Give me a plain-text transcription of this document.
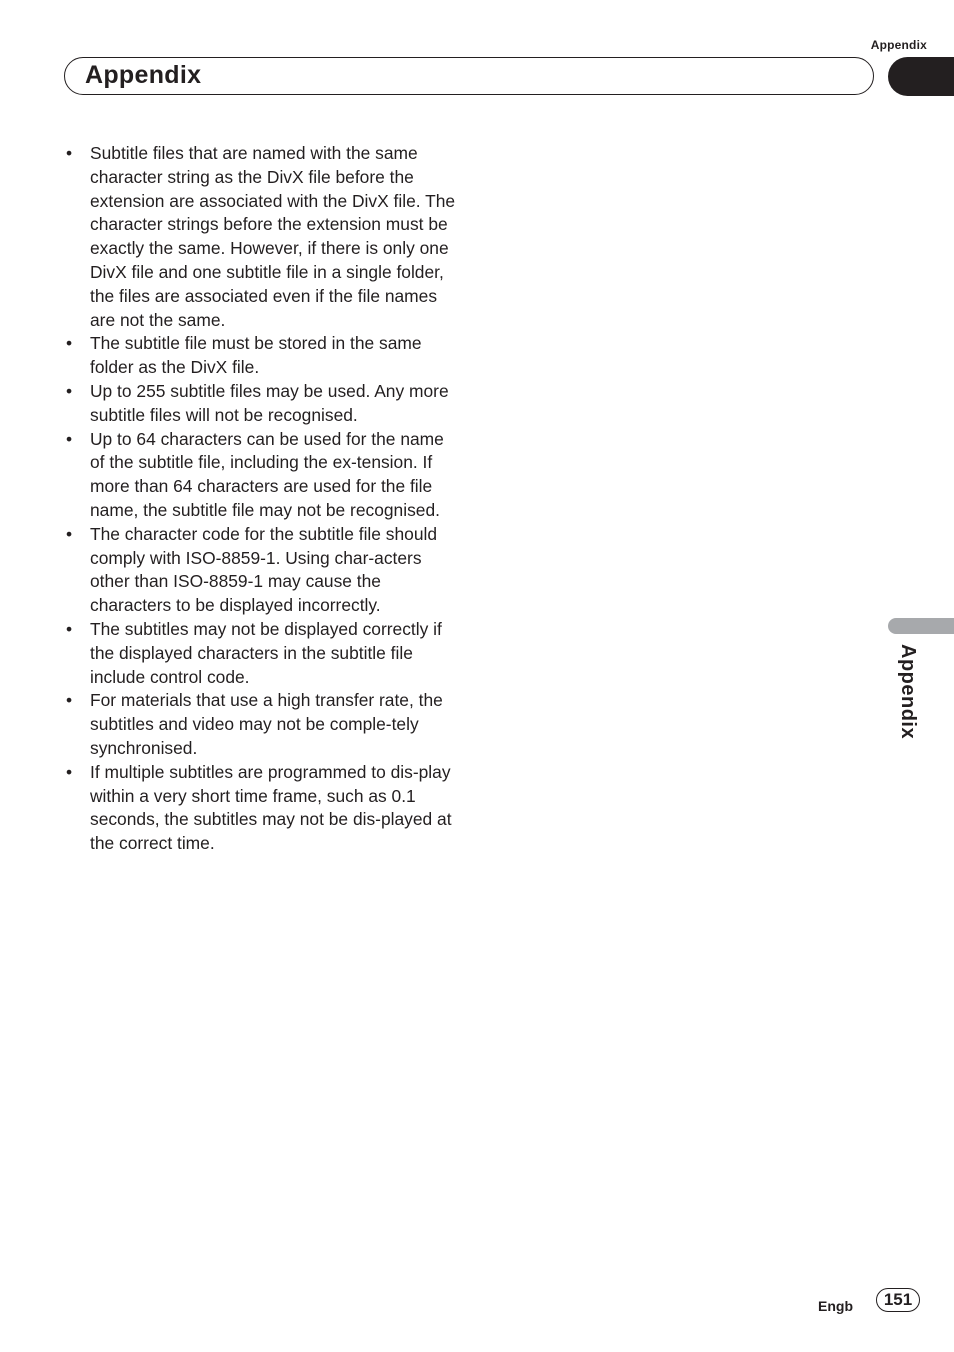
Appendix
Appendix
• Subtitle files that are named with the same character string as the DivX file before the extension are associated with the DivX file. The character strings before the extension must be exactly the same. However, if there is only one DivX file and one subtitle file in a single folder, the files are associated even if the file names are not the same.
• The subtitle file must be stored in the same folder as the DivX file.
• Up to 255 subtitle files may be used. Any more subtitle files will not be recognised.
• Up to 64 characters can be used for the name of the subtitle file, including the ex-tension. If more than 64 characters are used for the file name, the subtitle file may not be recognised.
• The character code for the subtitle file should comply with ISO-8859-1. Using char-acters other than ISO-8859-1 may cause the characters to be displayed incorrectly.
• The subtitles may not be displayed correctly if the displayed characters in the subtitle file include control code.
• For materials that use a high transfer rate, the subtitles and video may not be comple-tely synchronised.
• If multiple subtitles are programmed to dis-play within a very short time frame, such as 0.1 seconds, the subtitles may not be dis-played at the correct time.
Appendix
Engb	151
